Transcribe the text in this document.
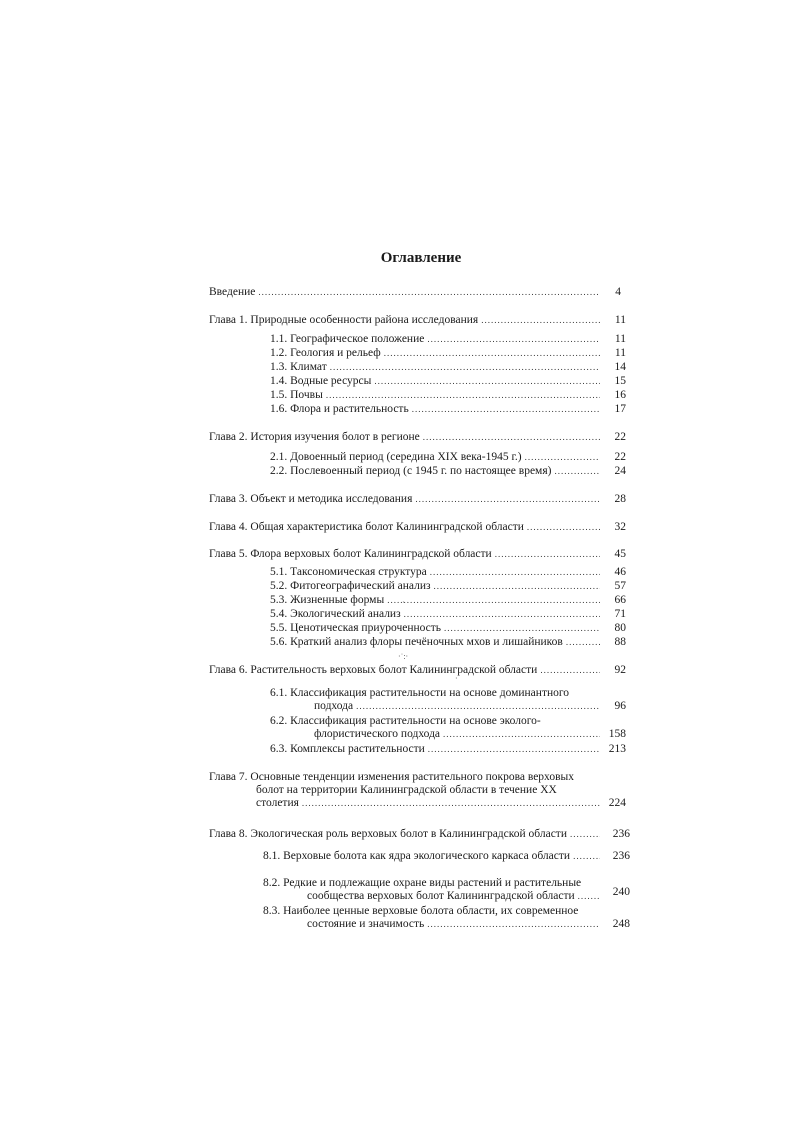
Оглавление
Введение .....	4
Глава 1. Природные особенности района исследования .....	11
1.1. Географическое положение .....	11
1.2. Геология и рельеф .....	11
1.3. Климат .....	14
1.4. Водные ресурсы .....	15
1.5. Почвы .....	16
1.6. Флора и растительность .....	17
Глава 2. История изучения болот в регионе .....	22
2.1. Довоенный период (середина XIX века-1945 г.) .....	22
2.2. Послевоенный период (с 1945 г. по настоящее время) .....	24
Глава 3. Объект и методика исследования .....	28
Глава 4. Общая характеристика болот Калининградской области .....	32
Глава 5. Флора верховых болот Калининградской области .....	45
5.1. Таксономическая структура .....	46
5.2. Фитогеографический анализ .....	57
5.3. Жизненные формы .....	66
5.4. Экологический анализ .....	71
5.5. Ценотическая приуроченность .....	80
5.6. Краткий анализ флоры печёночных мхов и лишайников .....	88
Глава 6. Растительность верховых болот Калининградской области .....	92
6.1. Классификация растительности на основе доминантного
подхода .....	96
6.2. Классификация растительности на основе эколого-
флористического подхода .....	158
6.3. Комплексы растительности .....	213
Глава 7. Основные тенденции изменения растительного покрова верховых
болот на территории Калининградской области в течение XX
столетия .....	224
Глава 8. Экологическая роль верховых болот в Калининградской области .....	236
8.1. Верховые болота как ядра экологического каркаса области .....	236
8.2. Редкие и подлежащие охране виды растений и растительные
сообщества верховых болот Калининградской области .....	240
8.3. Наиболее ценные верховые болота области, их современное
состояние и значимость .....	248
·˙:·
·
·
